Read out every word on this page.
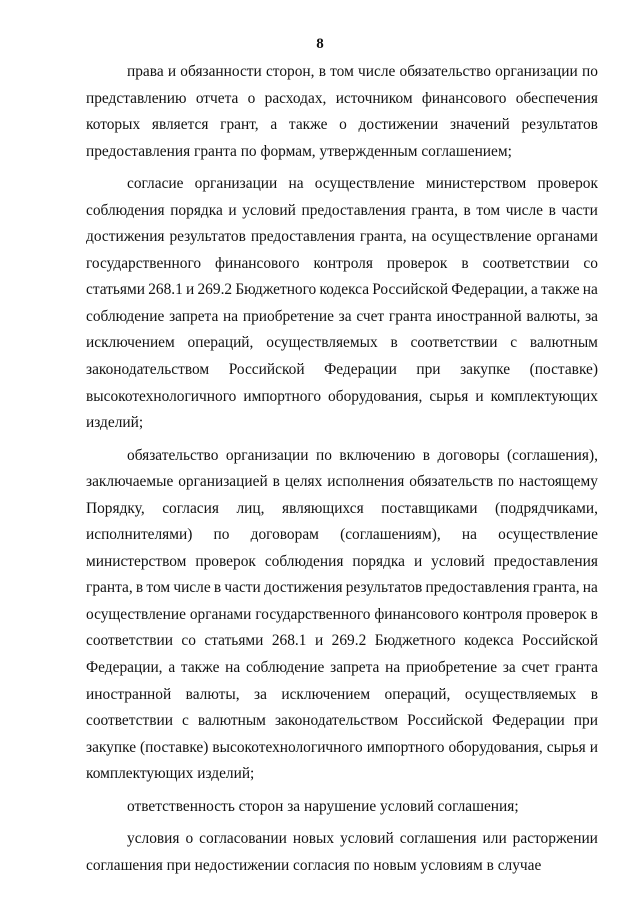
8
права и обязанности сторон, в том числе обязательство организации по
представлению отчета о расходах, источником финансового обеспечения
которых является грант, а также о достижении значений результатов
предоставления гранта по формам, утвержденным соглашением;
согласие организации на осуществление министерством проверок
соблюдения порядка и условий предоставления гранта, в том числе в части
достижения результатов предоставления гранта, на осуществление органами
государственного финансового контроля проверок в соответствии со
статьями 268.1 и 269.2 Бюджетного кодекса Российской Федерации, а также на
соблюдение запрета на приобретение за счет гранта иностранной валюты, за
исключением операций, осуществляемых в соответствии с валютным
законодательством Российской Федерации при закупке (поставке)
высокотехнологичного импортного оборудования, сырья и комплектующих
изделий;
обязательство организации по включению в договоры (соглашения),
заключаемые организацией в целях исполнения обязательств по настоящему
Порядку, согласия лиц, являющихся поставщиками (подрядчиками,
исполнителями) по договорам (соглашениям), на осуществление
министерством проверок соблюдения порядка и условий предоставления
гранта, в том числе в части достижения результатов предоставления гранта, на
осуществление органами государственного финансового контроля проверок в
соответствии со статьями 268.1 и 269.2 Бюджетного кодекса Российской
Федерации, а также на соблюдение запрета на приобретение за счет гранта
иностранной валюты, за исключением операций, осуществляемых в
соответствии с валютным законодательством Российской Федерации при
закупке (поставке) высокотехнологичного импортного оборудования, сырья и
комплектующих изделий;
ответственность сторон за нарушение условий соглашения;
условия о согласовании новых условий соглашения или расторжении
соглашения при недостижении согласия по новым условиям в случае
